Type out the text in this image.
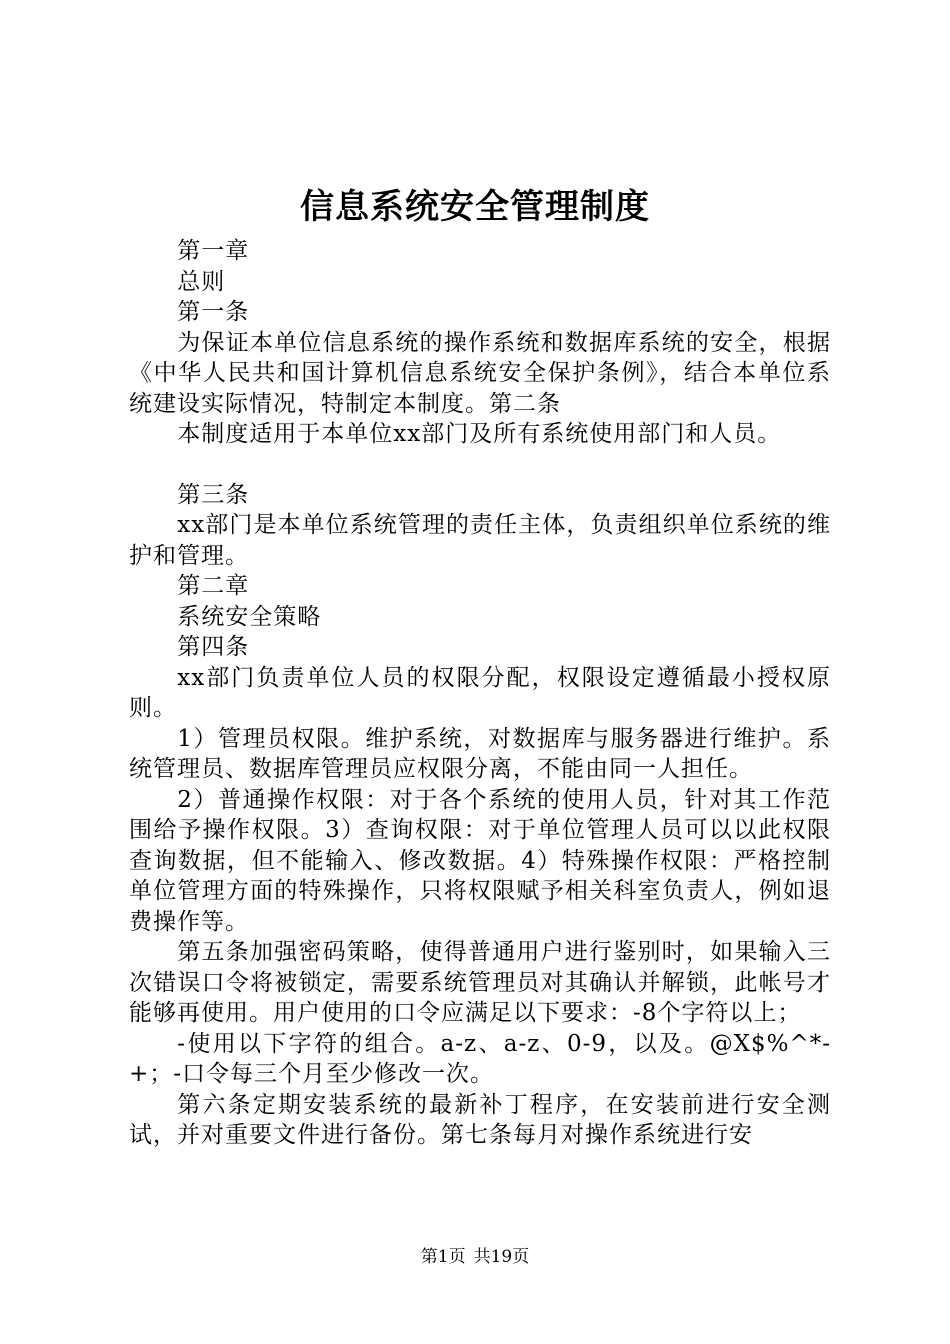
信息系统安全管理制度

第一章

总则

第一条

为保证本单位信息系统的操作系统和数据库系统的安全，根据《中华人民共和国计算机信息系统安全保护条例》，结合本单位系统建设实际情况，特制定本制度。第二条

本制度适用于本单位xx部门及所有系统使用部门和人员。

第三条

xx部门是本单位系统管理的责任主体，负责组织单位系统的维护和管理。

第二章

系统安全策略

第四条

xx部门负责单位人员的权限分配，权限设定遵循最小授权原则。

1）管理员权限。维护系统，对数据库与服务器进行维护。系统管理员、数据库管理员应权限分离，不能由同一人担任。

2）普通操作权限：对于各个系统的使用人员，针对其工作范围给予操作权限。3）查询权限：对于单位管理人员可以以此权限查询数据，但不能输入、修改数据。4）特殊操作权限：严格控制单位管理方面的特殊操作，只将权限赋予相关科室负责人，例如退费操作等。

第五条加强密码策略，使得普通用户进行鉴别时，如果输入三次错误口令将被锁定，需要系统管理员对其确认并解锁，此帐号才能够再使用。用户使用的口令应满足以下要求：-8个字符以上；

-使用以下字符的组合。a-z、a-z、0-9，以及。@X$%^*-+；-口令每三个月至少修改一次。

第六条定期安装系统的最新补丁程序，在安装前进行安全测试，并对重要文件进行备份。第七条每月对操作系统进行安

第1页 共19页
